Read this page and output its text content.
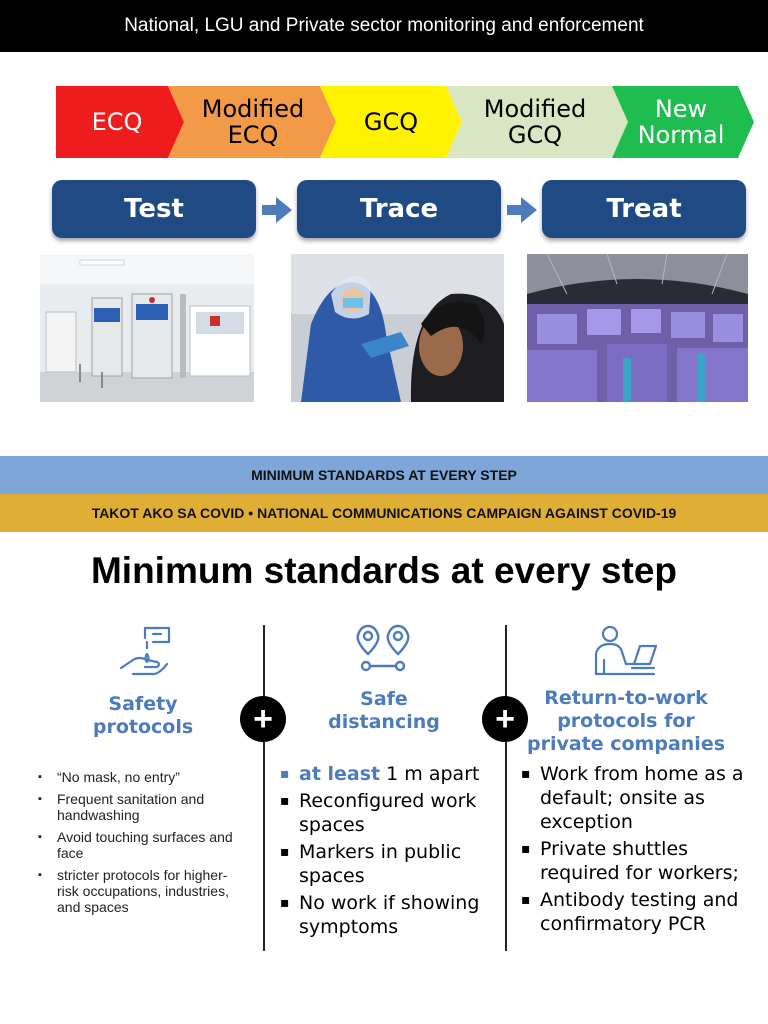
National, LGU and Private sector monitoring and enforcement
ECQ Modified
ECQ	GCQ	Modified
GCQ
New
Normal
Test	Trace	Treat
MINIMUM STANDARDS AT EVERY STEP
TAKOT AKO SA COVID • NATIONAL COMMUNICATIONS CAMPAIGN AGAINST COVID-19
Minimum standards at every step
+	+
Safety
protocols
▪ “No mask, no entry”
▪ Frequent sanitation and handwashing
▪ Avoid touching surfaces and face
▪ stricter protocols for higher-risk occupations, industries, and spaces
Safe
distancing
▪ at least 1 m apart
▪ Reconfigured work spaces
▪ Markers in public spaces
▪ No work if showing symptoms
Return-to-work
protocols for
private companies
▪ Work from home as a default; onsite as exception
▪ Private shuttles required for workers;
▪ Antibody testing and confirmatory PCR
